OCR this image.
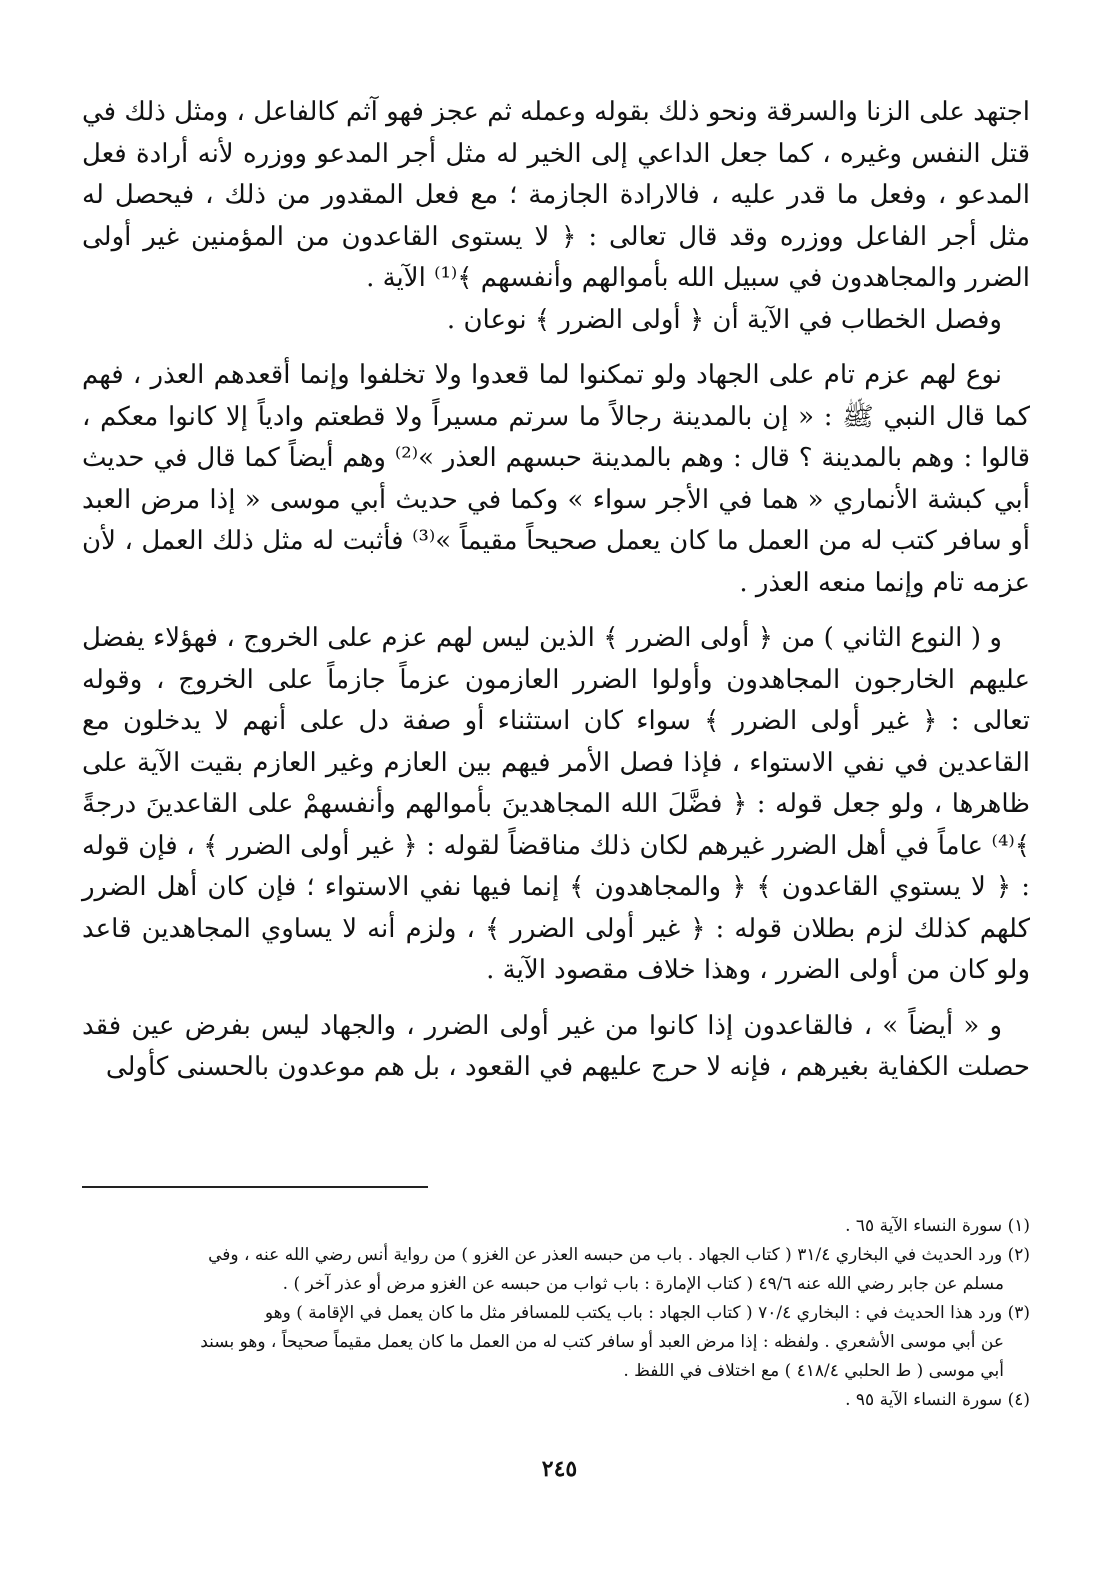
اجتهد على الزنا والسرقة ونحو ذلك بقوله وعمله ثم عجز فهو آثم كالفاعل ، ومثل ذلك في قتل النفس وغيره ، كما جعل الداعي إلى الخير له مثل أجر المدعو ووزره لأنه أرادة فعل المدعو ، وفعل ما قدر عليه ، فالارادة الجازمة ؛ مع فعل المقدور من ذلك ، فيحصل له مثل أجر الفاعل ووزره وقد قال تعالى : ﴿ لا يستوى القاعدون من المؤمنين غير أولى الضرر والمجاهدون في سبيل الله بأموالهم وأنفسهم ﴾⁽¹⁾ الآية .

وفصل الخطاب في الآية أن ﴿ أولى الضرر ﴾ نوعان .

نوع لهم عزم تام على الجهاد ولو تمكنوا لما قعدوا ولا تخلفوا وإنما أقعدهم العذر ، فهم كما قال النبي ﷺ : « إن بالمدينة رجالاً ما سرتم مسيراً ولا قطعتم وادياً إلا كانوا معكم ، قالوا : وهم بالمدينة ؟ قال : وهم بالمدينة حبسهم العذر »⁽²⁾ وهم أيضاً كما قال في حديث أبي كبشة الأنماري « هما في الأجر سواء » وكما في حديث أبي موسى « إذا مرض العبد أو سافر كتب له من العمل ما كان يعمل صحيحاً مقيماً »⁽³⁾ فأثبت له مثل ذلك العمل ، لأن عزمه تام وإنما منعه العذر .

و ( النوع الثاني ) من ﴿ أولى الضرر ﴾ الذين ليس لهم عزم على الخروج ، فهؤلاء يفضل عليهم الخارجون المجاهدون وأولوا الضرر العازمون عزماً جازماً على الخروج ، وقوله تعالى : ﴿ غير أولى الضرر ﴾ سواء كان استثناء أو صفة دل على أنهم لا يدخلون مع القاعدين في نفي الاستواء ، فإذا فصل الأمر فيهم بين العازم وغير العازم بقيت الآية على ظاهرها ، ولو جعل قوله : ﴿ فضَّلَ الله المجاهدينَ بأموالهم وأنفسهمْ على القاعدينَ درجةً ﴾⁽⁴⁾ عاماً في أهل الضرر غيرهم لكان ذلك مناقضاً لقوله : ﴿ غير أولى الضرر ﴾ ، فإن قوله : ﴿ لا يستوي القاعدون ﴾ ﴿ والمجاهدون ﴾ إنما فيها نفي الاستواء ؛ فإن كان أهل الضرر كلهم كذلك لزم بطلان قوله : ﴿ غير أولى الضرر ﴾ ، ولزم أنه لا يساوي المجاهدين قاعد ولو كان من أولى الضرر ، وهذا خلاف مقصود الآية .

و « أيضاً » ، فالقاعدون إذا كانوا من غير أولى الضرر ، والجهاد ليس بفرض عين فقد حصلت الكفاية بغيرهم ، فإنه لا حرج عليهم في القعود ، بل هم موعدون بالحسنى كأولى

(١) سورة النساء الآية ٦٥ .

(٢) ورد الحديث في البخاري ٣١/٤ ( كتاب الجهاد . باب من حبسه العذر عن الغزو ) من رواية أنس رضي الله عنه ، وفي

مسلم عن جابر رضي الله عنه ٤٩/٦ ( كتاب الإمارة : باب ثواب من حبسه عن الغزو مرض أو عذر آخر ) .

(٣) ورد هذا الحديث في : البخاري ٧٠/٤ ( كتاب الجهاد : باب يكتب للمسافر مثل ما كان يعمل في الإقامة ) وهو

عن أبي موسى الأشعري . ولفظه : إذا مرض العبد أو سافر كتب له من العمل ما كان يعمل مقيماً صحيحاً ، وهو بسند

أبي موسى ( ط الحلبي ٤١٨/٤ ) مع اختلاف في اللفظ .

(٤) سورة النساء الآية ٩٥ .

٢٤٥
